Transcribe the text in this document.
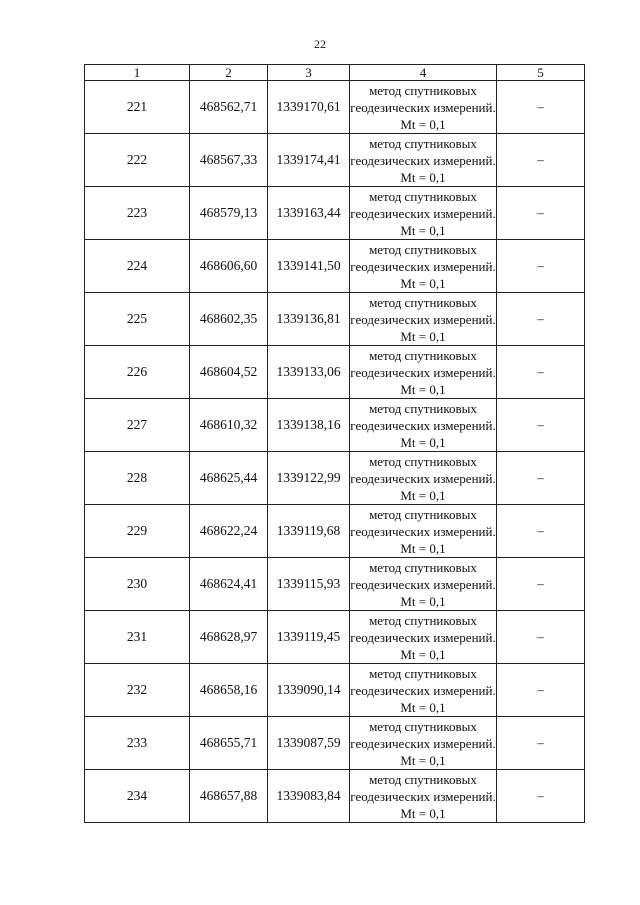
22
1	2	3	4	5
221	468562,71	1339170,61	метод спутниковых геодезических измерений. Mt = 0,1	–
222	468567,33	1339174,41	метод спутниковых геодезических измерений. Mt = 0,1	–
223	468579,13	1339163,44	метод спутниковых геодезических измерений. Mt = 0,1	–
224	468606,60	1339141,50	метод спутниковых геодезических измерений. Mt = 0,1	–
225	468602,35	1339136,81	метод спутниковых геодезических измерений. Mt = 0,1	–
226	468604,52	1339133,06	метод спутниковых геодезических измерений. Mt = 0,1	–
227	468610,32	1339138,16	метод спутниковых геодезических измерений. Mt = 0,1	–
228	468625,44	1339122,99	метод спутниковых геодезических измерений. Mt = 0,1	–
229	468622,24	1339119,68	метод спутниковых геодезических измерений. Mt = 0,1	–
230	468624,41	1339115,93	метод спутниковых геодезических измерений. Mt = 0,1	–
231	468628,97	1339119,45	метод спутниковых геодезических измерений. Mt = 0,1	–
232	468658,16	1339090,14	метод спутниковых геодезических измерений. Mt = 0,1	–
233	468655,71	1339087,59	метод спутниковых геодезических измерений. Mt = 0,1	–
234	468657,88	1339083,84	метод спутниковых геодезических измерений. Mt = 0,1	–
